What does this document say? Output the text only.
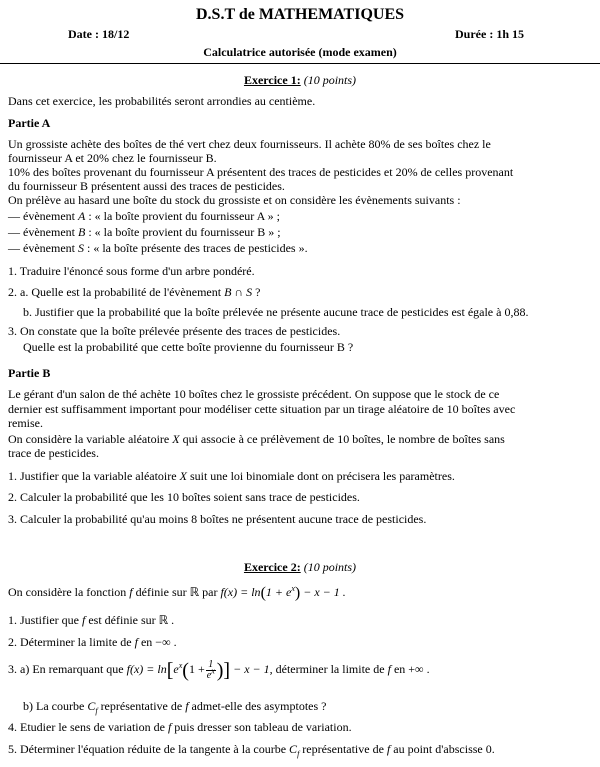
D.S.T de MATHEMATIQUES
Date : 18/12	Durée : 1h 15
Calculatrice autorisée (mode examen)
Exercice 1: (10 points)
Dans cet exercice, les probabilités seront arrondies au centième.
Partie A
Un grossiste achète des boîtes de thé vert chez deux fournisseurs. Il achète 80% de ses boîtes chez le
fournisseur A et 20% chez le fournisseur B.
10% des boîtes provenant du fournisseur A présentent des traces de pesticides et 20% de celles provenant
du fournisseur B présentent aussi des traces de pesticides.
On prélève au hasard une boîte du stock du grossiste et on considère les évènements suivants :
— évènement A : « la boîte provient du fournisseur A » ;
— évènement B : « la boîte provient du fournisseur B » ;
— évènement S : « la boîte présente des traces de pesticides ».
1. Traduire l'énoncé sous forme d'un arbre pondéré.
2. a. Quelle est la probabilité de l'évènement B ∩ S ?
b. Justifier que la probabilité que la boîte prélevée ne présente aucune trace de pesticides est égale à 0,88.
3. On constate que la boîte prélevée présente des traces de pesticides.
Quelle est la probabilité que cette boîte provienne du fournisseur B ?
Partie B
Le gérant d'un salon de thé achète 10 boîtes chez le grossiste précédent. On suppose que le stock de ce
dernier est suffisamment important pour modéliser cette situation par un tirage aléatoire de 10 boîtes avec
remise.
On considère la variable aléatoire X qui associe à ce prélèvement de 10 boîtes, le nombre de boîtes sans
trace de pesticides.
1. Justifier que la variable aléatoire X suit une loi binomiale dont on précisera les paramètres.
2. Calculer la probabilité que les 10 boîtes soient sans trace de pesticides.
3. Calculer la probabilité qu'au moins 8 boîtes ne présentent aucune trace de pesticides.
Exercice 2: (10 points)
On considère la fonction f définie sur ℝ par $f(x) = \ln(1 + e^x) - x - 1$ .
1. Justifier que f est définie sur ℝ .
2. Déterminer la limite de f en −∞ .
3. a) En remarquant que $f(x) = \ln[e^x(1 + \frac{1}{e^x}$ )] − x − 1, déterminer la limite de f en +∞ .
b) La courbe $C_f$ représentative de f admet-elle des asymptotes ?
4. Etudier le sens de variation de f puis dresser son tableau de variation.
5. Déterminer l'équation réduite de la tangente à la courbe $C_f$ représentative de f au point d'abscisse 0.
